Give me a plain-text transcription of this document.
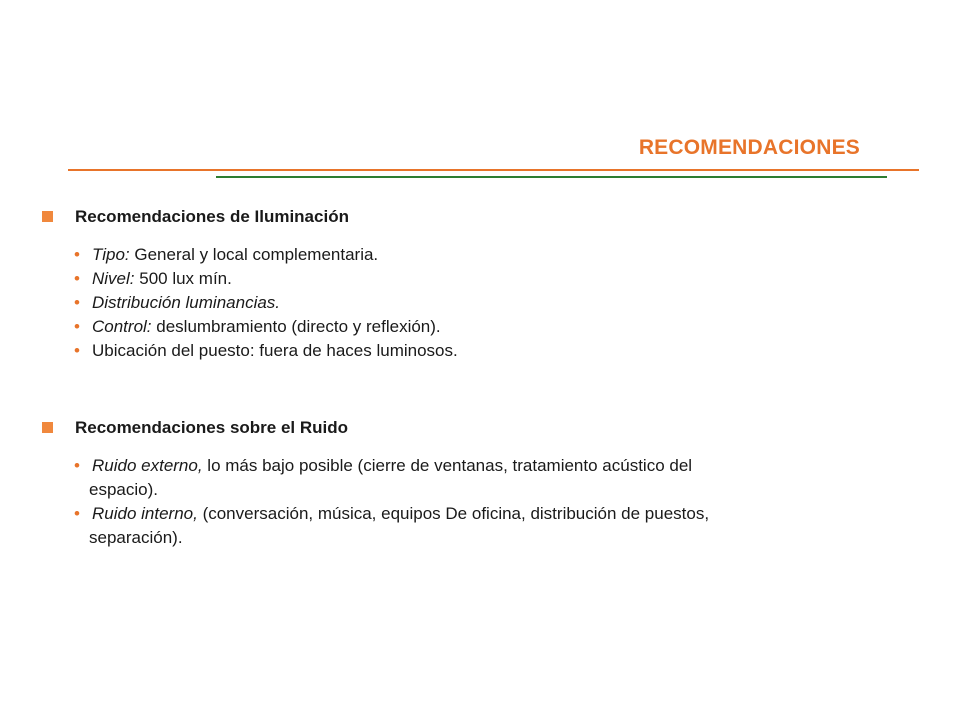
RECOMENDACIONES
Recomendaciones de Iluminación
• Tipo: General y local complementaria.
• Nivel: 500 lux mín.
• Distribución luminancias.
• Control: deslumbramiento (directo y reflexión).
• Ubicación del puesto: fuera de haces luminosos.
Recomendaciones sobre el Ruido
• Ruido externo, lo más bajo posible (cierre de ventanas, tratamiento acústico del
espacio).
• Ruido interno, (conversación, música, equipos De oficina, distribución de puestos,
separación).
